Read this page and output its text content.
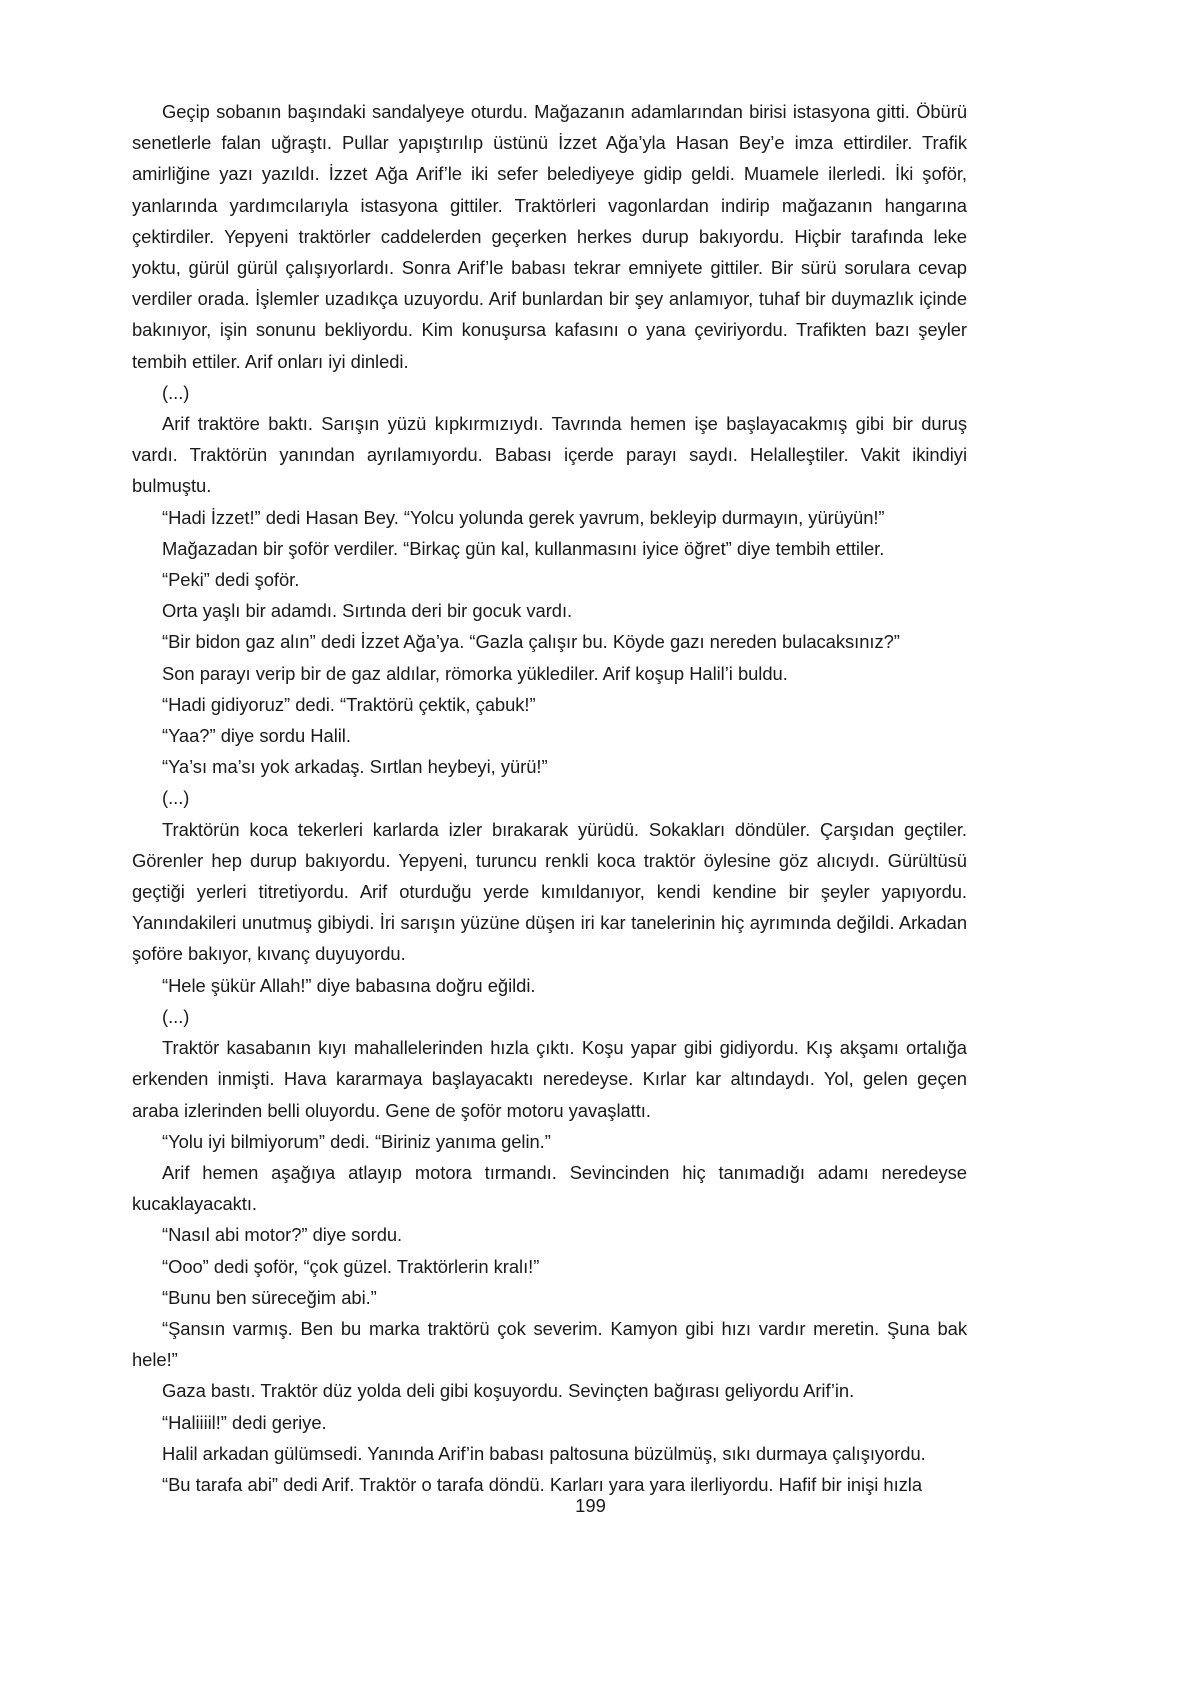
Geçip sobanın başındaki sandalyeye oturdu. Mağazanın adamlarından birisi istasyona gitti. Öbürü senetlerle falan uğraştı. Pullar yapıştırılıp üstünü İzzet Ağa’yla Hasan Bey’e imza ettirdiler. Trafik amirliğine yazı yazıldı. İzzet Ağa Arif’le iki sefer belediyeye gidip geldi. Muamele ilerledi. İki şoför, yanlarında yardımcılarıyla istasyona gittiler. Traktörleri vagonlardan indirip mağazanın hangarına çektirdiler. Yepyeni traktörler caddelerden geçerken herkes durup bakıyordu. Hiçbir tarafında leke yoktu, gürül gürül çalışıyorlardı. Sonra Arif’le babası tekrar emniyete gittiler. Bir sürü sorulara cevap verdiler orada. İşlemler uzadıkça uzuyordu. Arif bunlardan bir şey anlamıyor, tuhaf bir duymazlık içinde bakınıyor, işin sonunu bekliyordu. Kim konuşursa kafasını o yana çeviriyordu. Trafikten bazı şeyler tembih ettiler. Arif onları iyi dinledi.

(...)

Arif traktöre baktı. Sarışın yüzü kıpkırmızıydı. Tavrında hemen işe başlayacakmış gibi bir duruş vardı. Traktörün yanından ayrılamıyordu. Babası içerde parayı saydı. Helalleştiler. Vakit ikindiyi bulmuştu.

“Hadi İzzet!” dedi Hasan Bey. “Yolcu yolunda gerek yavrum, bekleyip durmayın, yürüyün!”

Mağazadan bir şoför verdiler. “Birkaç gün kal, kullanmasını iyice öğret” diye tembih ettiler.

“Peki” dedi şoför.

Orta yaşlı bir adamdı. Sırtında deri bir gocuk vardı.

“Bir bidon gaz alın” dedi İzzet Ağa’ya. “Gazla çalışır bu. Köyde gazı nereden bulacaksınız?”

Son parayı verip bir de gaz aldılar, römorka yüklediler. Arif koşup Halil’i buldu.

“Hadi gidiyoruz” dedi. “Traktörü çektik, çabuk!”

“Yaa?” diye sordu Halil.

“Ya’sı ma’sı yok arkadaş. Sırtlan heybeyi, yürü!”

(...)

Traktörün koca tekerleri karlarda izler bırakarak yürüdü. Sokakları döndüler. Çarşıdan geçtiler. Görenler hep durup bakıyordu. Yepyeni, turuncu renkli koca traktör öylesine göz alıcıydı. Gürültüsü geçtiği yerleri titretiyordu. Arif oturduğu yerde kımıldanıyor, kendi kendine bir şeyler yapıyordu. Yanındakileri unutmuş gibiydi. İri sarışın yüzüne düşen iri kar tanelerinin hiç ayrımında değildi. Arkadan şoföre bakıyor, kıvanç duyuyordu.

“Hele şükür Allah!” diye babasına doğru eğildi.

(...)

Traktör kasabanın kıyı mahallelerinden hızla çıktı. Koşu yapar gibi gidiyordu. Kış akşamı ortalığa erkenden inmişti. Hava kararmaya başlayacaktı neredeyse. Kırlar kar altındaydı. Yol, gelen geçen araba izlerinden belli oluyordu. Gene de şoför motoru yavaşlattı.

“Yolu iyi bilmiyorum” dedi. “Biriniz yanıma gelin.”

Arif hemen aşağıya atlayıp motora tırmandı. Sevincinden hiç tanımadığı adamı neredeyse kucaklayacaktı.

“Nasıl abi motor?” diye sordu.

“Ooo” dedi şoför, “çok güzel. Traktörlerin kralı!”

“Bunu ben süreceğim abi.”

“Şansın varmış. Ben bu marka traktörü çok severim. Kamyon gibi hızı vardır meretin. Şuna bak hele!”

Gaza bastı. Traktör düz yolda deli gibi koşuyordu. Sevinçten bağırası geliyordu Arif’in.

“Haliiiil!” dedi geriye.

Halil arkadan gülümsedi. Yanında Arif’in babası paltosuna büzülmüş, sıkı durmaya çalışıyordu.

“Bu tarafa abi” dedi Arif. Traktör o tarafa döndü. Karları yara yara ilerliyordu. Hafif bir inişi hızla

199
